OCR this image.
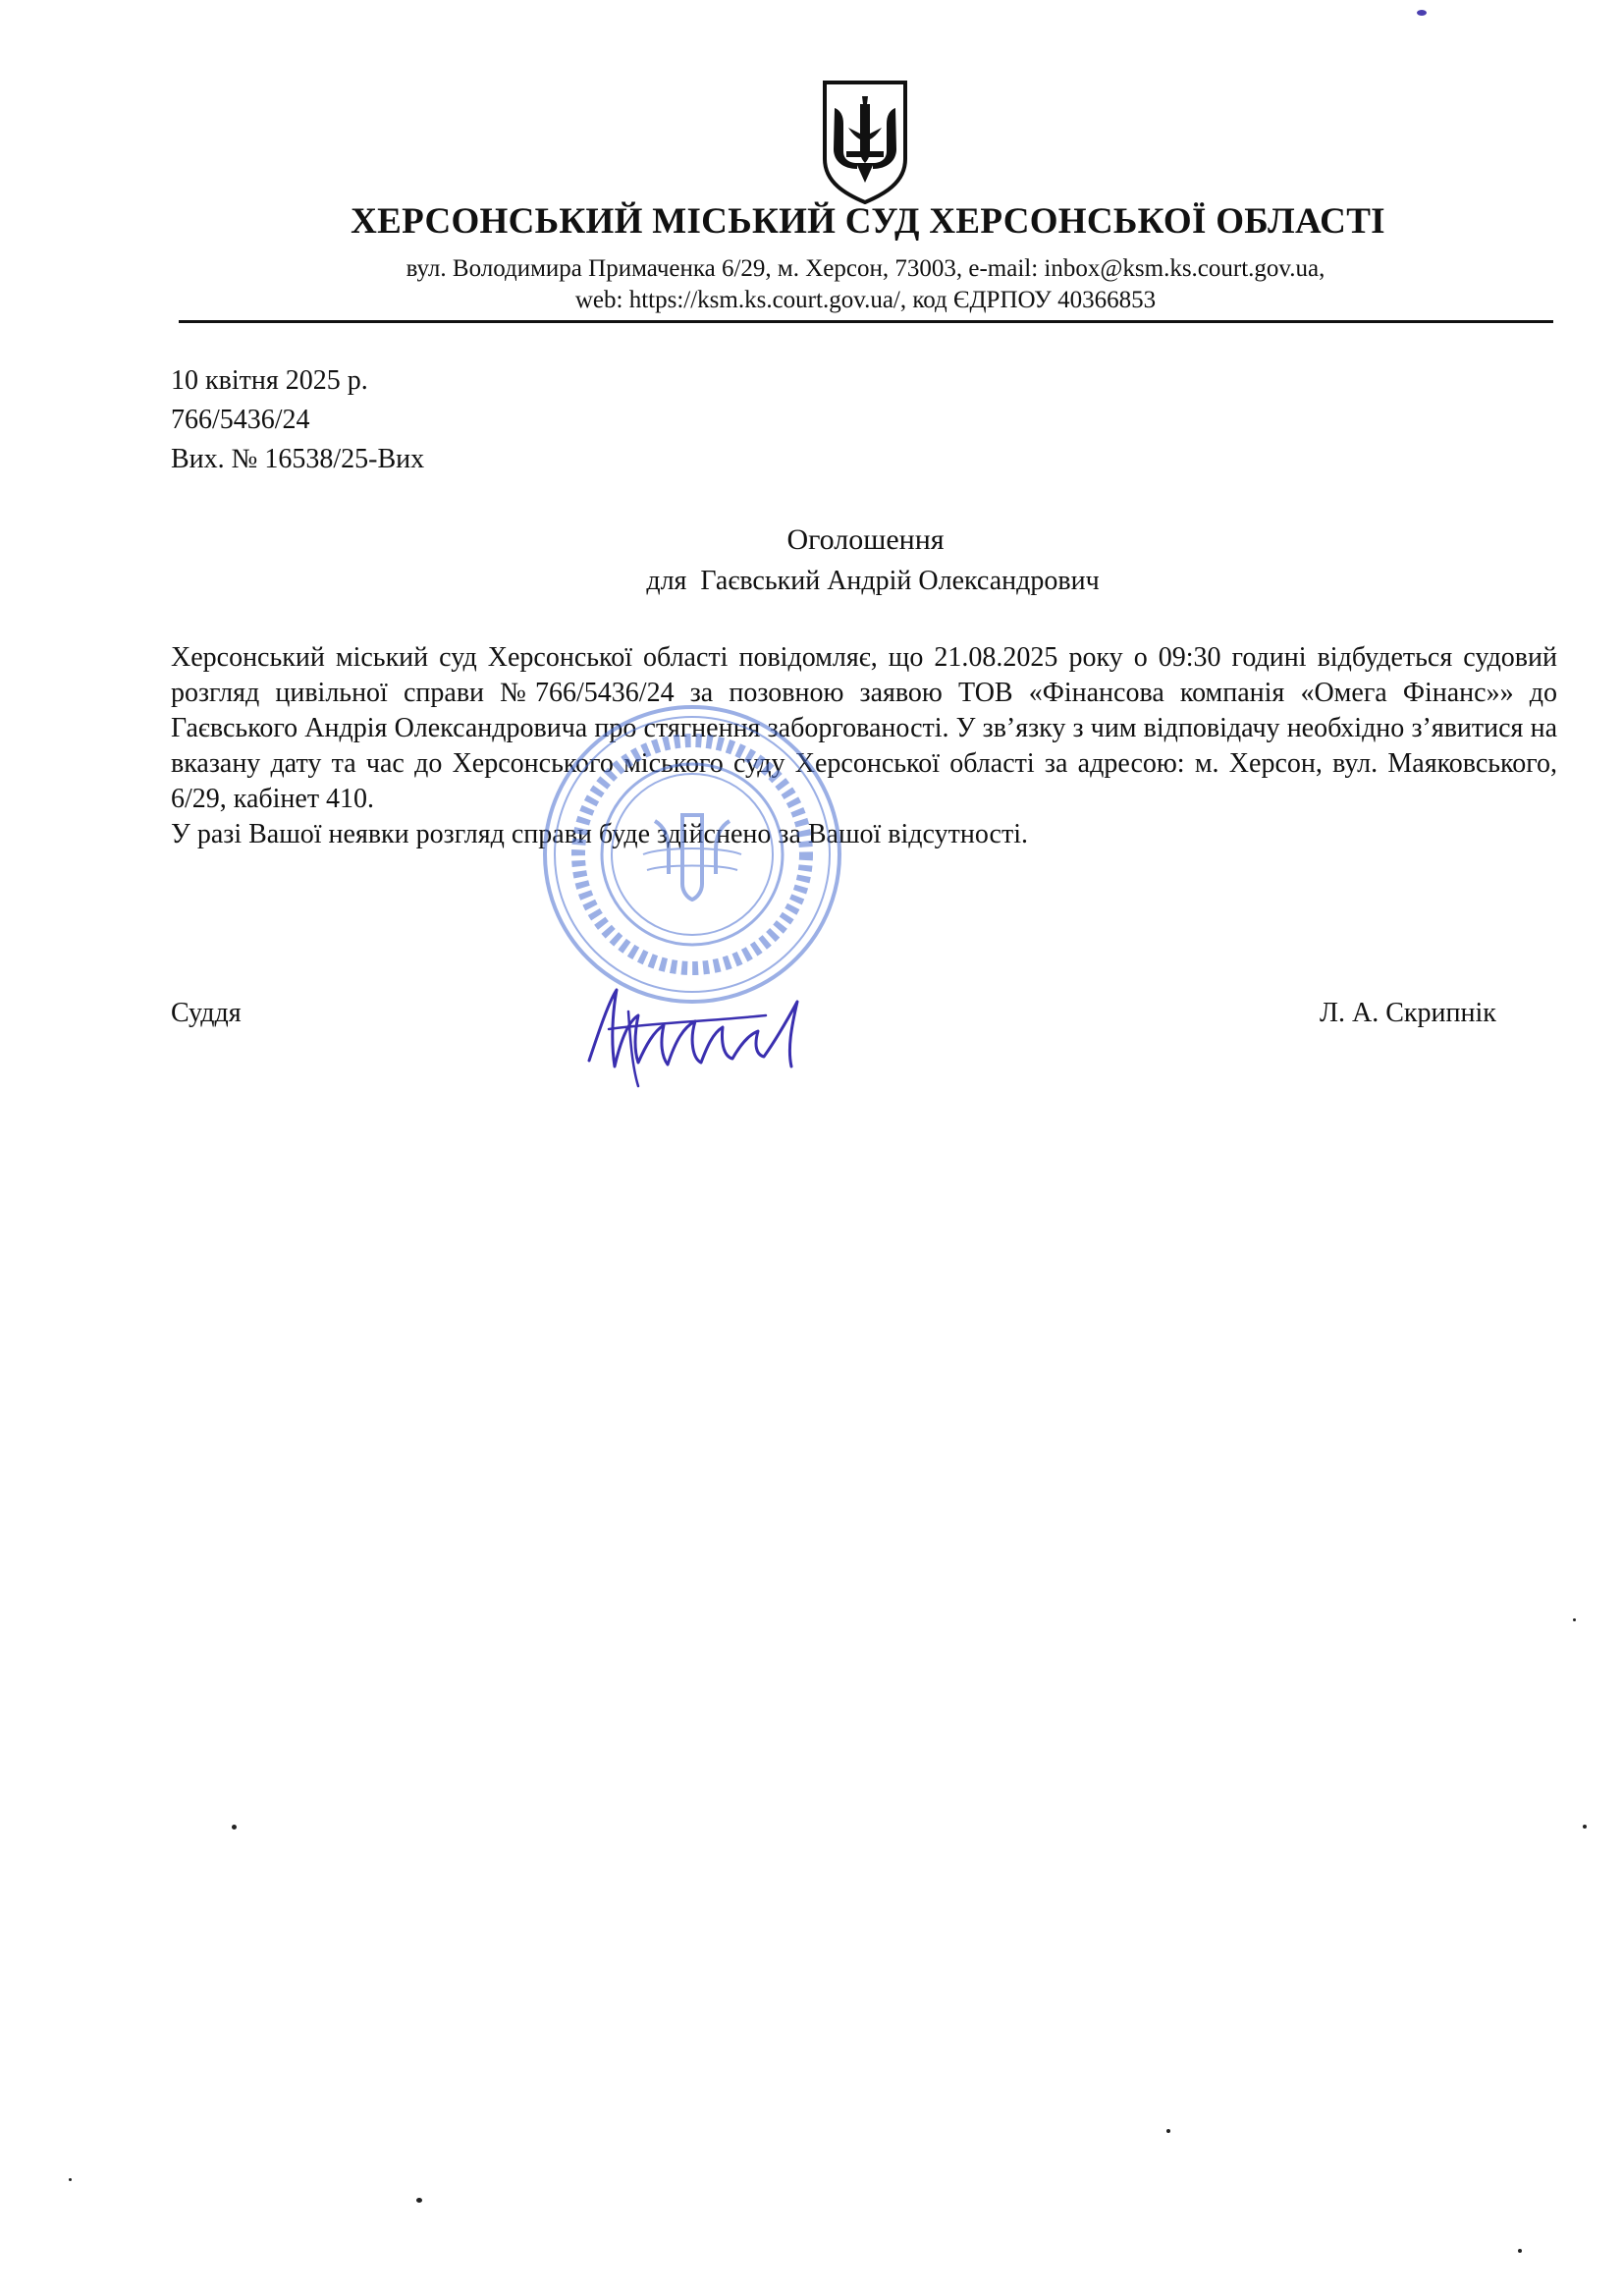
ХЕРСОНСЬКИЙ МІСЬКИЙ СУД ХЕРСОНСЬКОЇ ОБЛАСТІ
вул. Володимира Примаченка 6/29, м. Херсон, 73003, e-mail: inbox@ksm.ks.court.gov.ua,
web: https://ksm.ks.court.gov.ua/, код ЄДРПОУ 40366853
10 квітня 2025 р.
766/5436/24
Вих. № 16538/25-Вих
Оголошення
для  Гаєвський Андрій Олександрович

Херсонський міський суд Херсонської області повідомляє, що 21.08.2025 року о 09:30 годині відбудеться судовий розгляд цивільної справи №766/5436/24 за позовною заявою ТОВ «Фінансова компанія «Омега Фінанс»» до Гаєвського Андрія Олександровича про стягнення заборгованості. У зв’язку з чим відповідачу необхідно з’явитися на вказану дату та час до Херсонського міського суду Херсонської області за адресою: м. Херсон, вул. Маяковського, 6/29, кабінет 410.

У разі Вашої неявки розгляд справи буде здійснено за Вашої відсутності.

Суддя	Л. А. Скрипнік
